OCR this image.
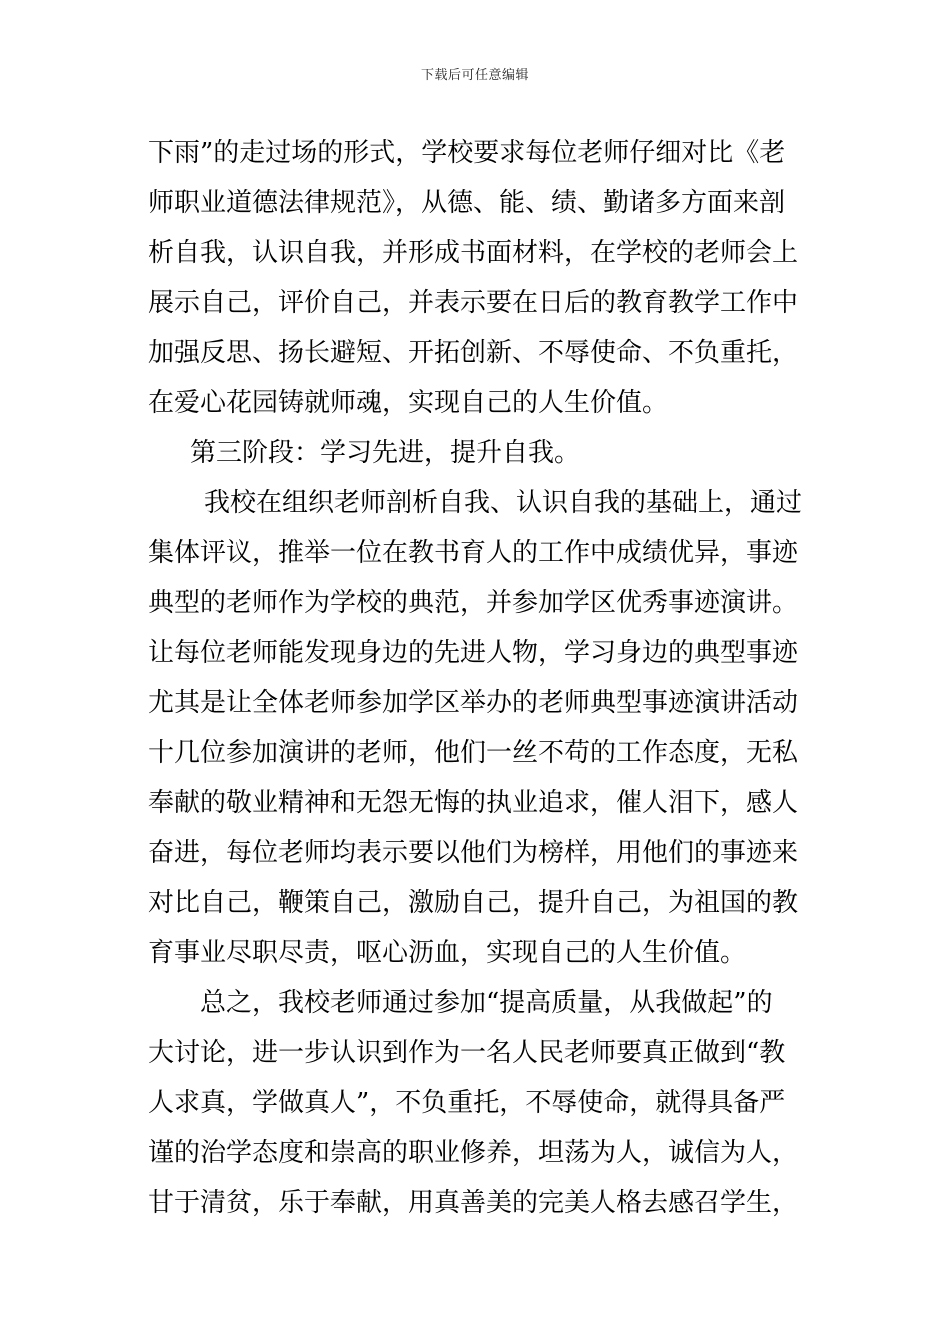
下载后可任意编辑
下雨”的走过场的形式，学校要求每位老师仔细对比《老
师职业道德法律规范》，从德、能、绩、勤诸多方面来剖
析自我，认识自我，并形成书面材料，在学校的老师会上
展示自己，评价自己，并表示要在日后的教育教学工作中
加强反思、扬长避短、开拓创新、不辱使命、不负重托，
在爱心花园铸就师魂，实现自己的人生价值。
第三阶段：学习先进，提升自我。
我校在组织老师剖析自我、认识自我的基础上，通过
集体评议，推举一位在教书育人的工作中成绩优异，事迹
典型的老师作为学校的典范，并参加学区优秀事迹演讲。
让每位老师能发现身边的先进人物，学习身边的典型事迹
尤其是让全体老师参加学区举办的老师典型事迹演讲活动
十几位参加演讲的老师，他们一丝不苟的工作态度，无私
奉献的敬业精神和无怨无悔的执业追求，催人泪下，感人
奋进，每位老师均表示要以他们为榜样，用他们的事迹来
对比自己，鞭策自己，激励自己，提升自己，为祖国的教
育事业尽职尽责，呕心沥血，实现自己的人生价值。
总之，我校老师通过参加“提高质量，从我做起”的
大讨论，进一步认识到作为一名人民老师要真正做到“教
人求真，学做真人”，不负重托，不辱使命，就得具备严
谨的治学态度和崇高的职业修养，坦荡为人，诚信为人，
甘于清贫，乐于奉献，用真善美的完美人格去感召学生，
